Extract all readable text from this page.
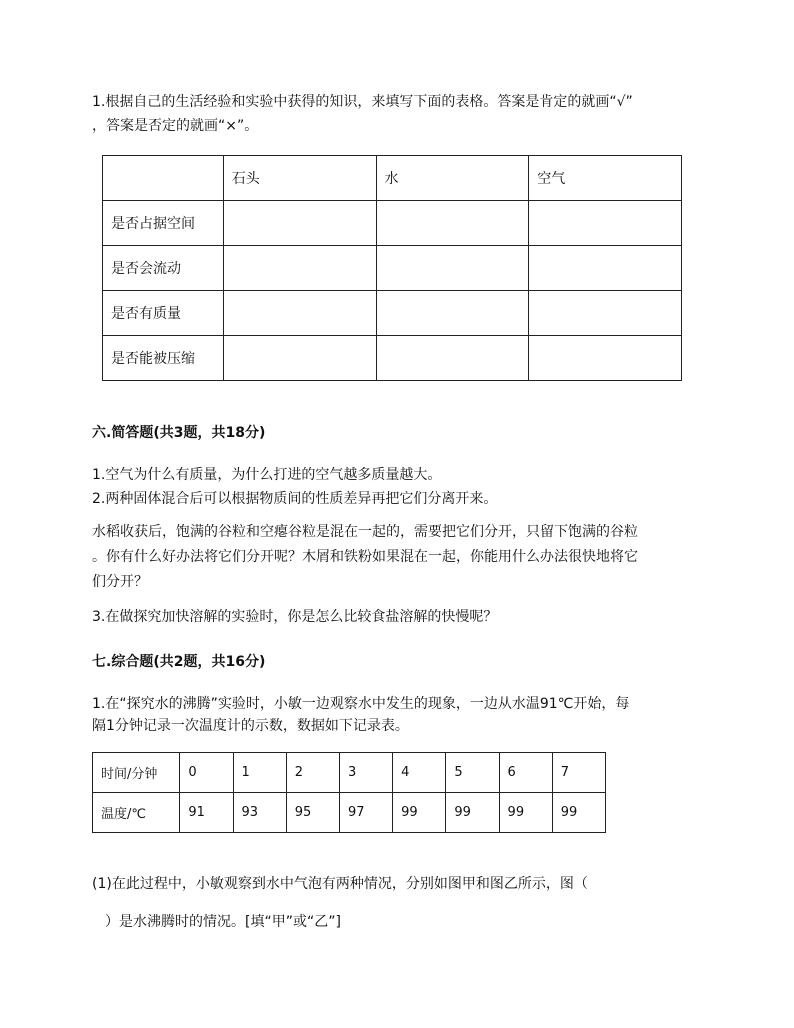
1.根据自己的生活经验和实验中获得的知识，来填写下面的表格。答案是肯定的就画“√”
，答案是否定的就画“×”。
	石头	水	空气
是否占据空间			
是否会流动			
是否有质量			
是否能被压缩			
六.简答题(共3题，共18分)
1.空气为什么有质量，为什么打进的空气越多质量越大。
2.两种固体混合后可以根据物质间的性质差异再把它们分离开来。
水稻收获后，饱满的谷粒和空瘪谷粒是混在一起的，需要把它们分开，只留下饱满的谷粒
。你有什么好办法将它们分开呢？木屑和铁粉如果混在一起，你能用什么办法很快地将它
们分开？
3.在做探究加快溶解的实验时，你是怎么比较食盐溶解的快慢呢？
七.综合题(共2题，共16分)
1.在“探究水的沸腾”实验时，小敏一边观察水中发生的现象，一边从水温91℃开始，每
隔1分钟记录一次温度计的示数，数据如下记录表。
时间/分钟	0	1	2	3	4	5	6	7
温度/℃	91	93	95	97	99	99	99	99
(1)在此过程中，小敏观察到水中气泡有两种情况，分别如图甲和图乙所示，图（
）是水沸腾时的情况。[填“甲”或“乙”]
